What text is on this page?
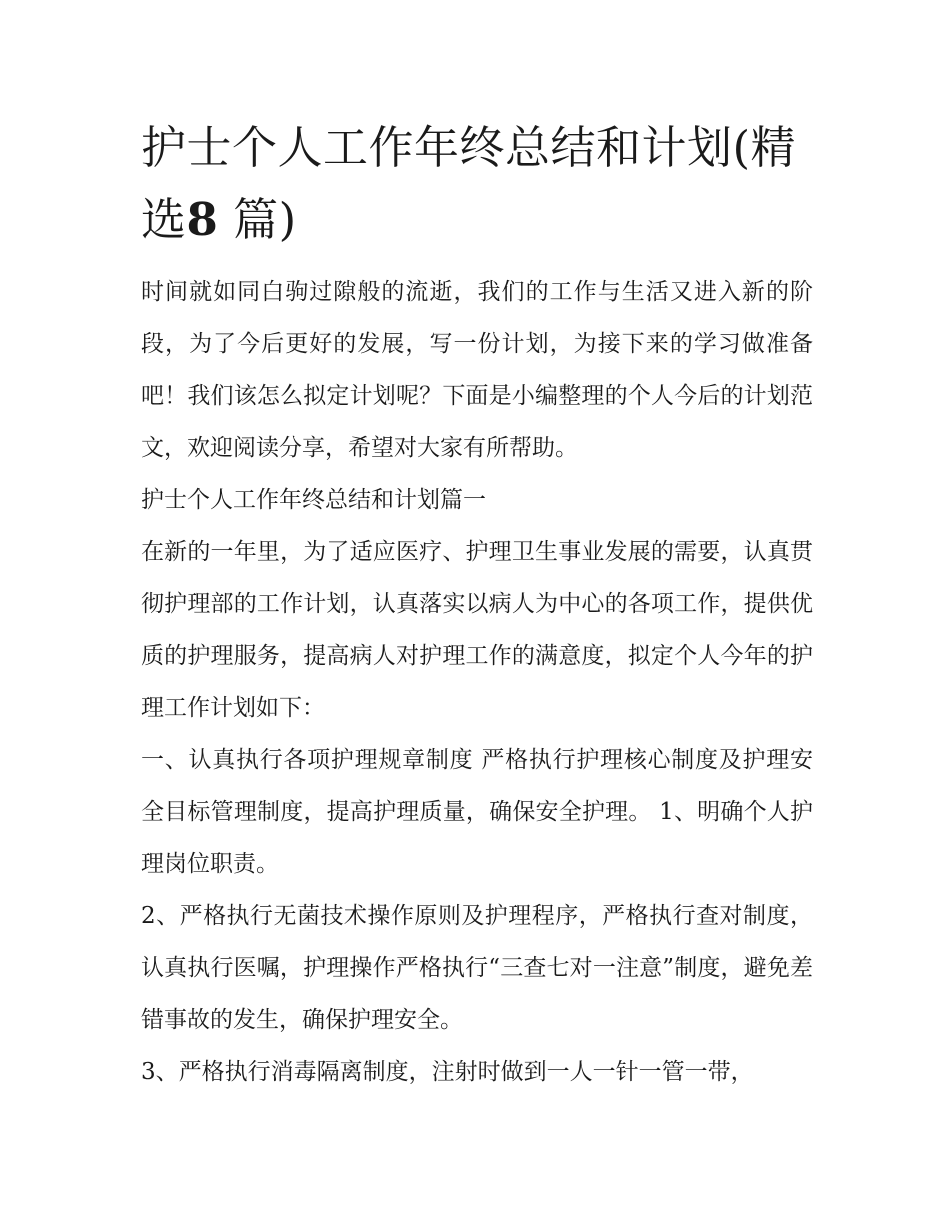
护士个人工作年终总结和计划(精选8 篇)

时间就如同白驹过隙般的流逝，我们的工作与生活又进入新的阶段，为了今后更好的发展，写一份计划，为接下来的学习做准备吧！我们该怎么拟定计划呢？下面是小编整理的个人今后的计划范文，欢迎阅读分享，希望对大家有所帮助。

护士个人工作年终总结和计划篇一

在新的一年里，为了适应医疗、护理卫生事业发展的需要，认真贯彻护理部的工作计划，认真落实以病人为中心的各项工作，提供优质的护理服务，提高病人对护理工作的满意度，拟定个人今年的护理工作计划如下：

一、认真执行各项护理规章制度 严格执行护理核心制度及护理安全目标管理制度，提高护理质量，确保安全护理。 1、明确个人护理岗位职责。

2、严格执行无菌技术操作原则及护理程序，严格执行查对制度，认真执行医嘱，护理操作严格执行“三查七对一注意”制度，避免差错事故的发生，确保护理安全。

3、严格执行消毒隔离制度，注射时做到一人一针一管一带，
